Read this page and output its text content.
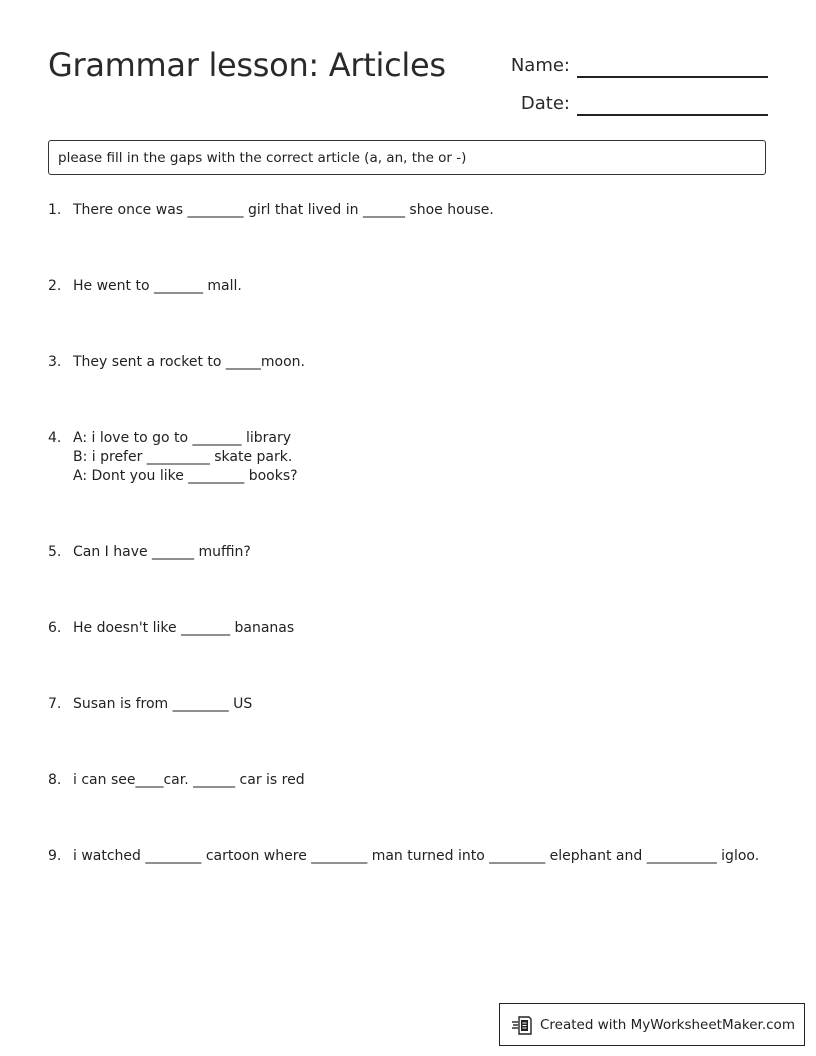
Grammar lesson: Articles	Name:
Date:
please fill in the gaps with the correct article (a, an, the or -)
1. There once was ________ girl that lived in ______ shoe house.
2. He went to _______ mall.
3. They sent a rocket to _____moon.
4. A: i love to go to _______ library
B: i prefer _________ skate park.
A: Dont you like ________ books?
5. Can I have ______ muffin?
6. He doesn't like _______ bananas
7. Susan is from ________ US
8. i can see____car. ______ car is red
9. i watched ________ cartoon where ________ man turned into ________ elephant and __________ igloo.
Created with MyWorksheetMaker.com
